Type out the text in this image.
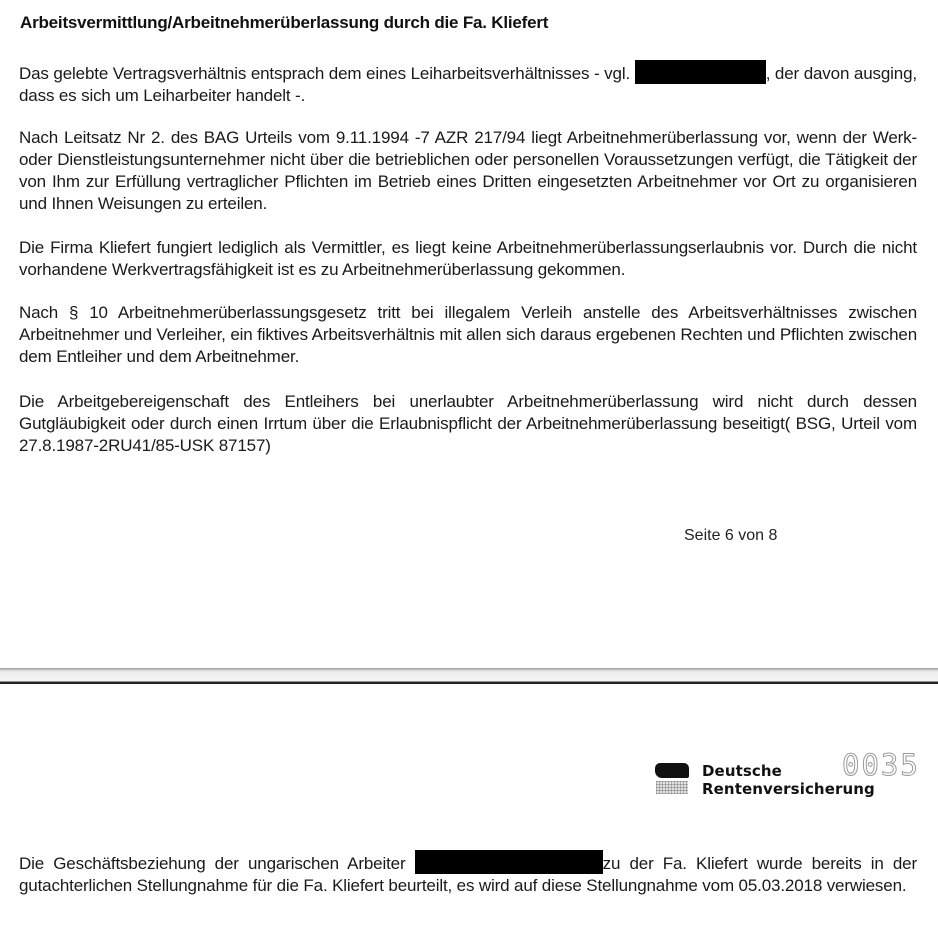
Arbeitsvermittlung/Arbeitnehmerüberlassung durch die Fa. Kliefert

Das gelebte Vertragsverhältnis entsprach dem eines Leiharbeitsverhältnisses - vgl.	, der davon ausging, dass es sich um Leiharbeiter handelt -.

Nach Leitsatz Nr 2. des BAG Urteils vom 9.11.1994 -7 AZR 217/94 liegt Arbeitnehmerüberlassung vor, wenn der Werk- oder Dienstleistungsunternehmer nicht über die betrieblichen oder personellen Voraussetzungen verfügt, die Tätigkeit der von Ihm zur Erfüllung vertraglicher Pflichten im Betrieb eines Dritten eingesetzten Arbeitnehmer vor Ort zu organisieren und Ihnen Weisungen zu erteilen.

Die Firma Kliefert fungiert lediglich als Vermittler, es liegt keine Arbeitnehmerüberlassungserlaubnis vor. Durch die nicht vorhandene Werkvertragsfähigkeit ist es zu Arbeitnehmerüberlassung gekommen.

Nach § 10 Arbeitnehmerüberlassungsgesetz tritt bei illegalem Verleih anstelle des Arbeitsverhältnisses zwischen Arbeitnehmer und Verleiher, ein fiktives Arbeitsverhältnis mit allen sich daraus ergebenen Rechten und Pflichten zwischen dem Entleiher und dem Arbeitnehmer.

Die Arbeitgebereigenschaft des Entleihers bei unerlaubter Arbeitnehmerüberlassung wird nicht durch dessen Gutgläubigkeit oder durch einen Irrtum über die Erlaubnispflicht der Arbeitnehmerüberlassung beseitigt( BSG, Urteil vom 27.8.1987-2RU41/85-USK 87157)

Seite 6 von 8

Deutsche
Rentenversicherung
0035

Die Geschäftsbeziehung der ungarischen Arbeiter	zu der Fa. Kliefert wurde bereits in der gutachterlichen Stellungnahme für die Fa. Kliefert beurteilt, es wird auf diese Stellungnahme vom 05.03.2018 verwiesen.
